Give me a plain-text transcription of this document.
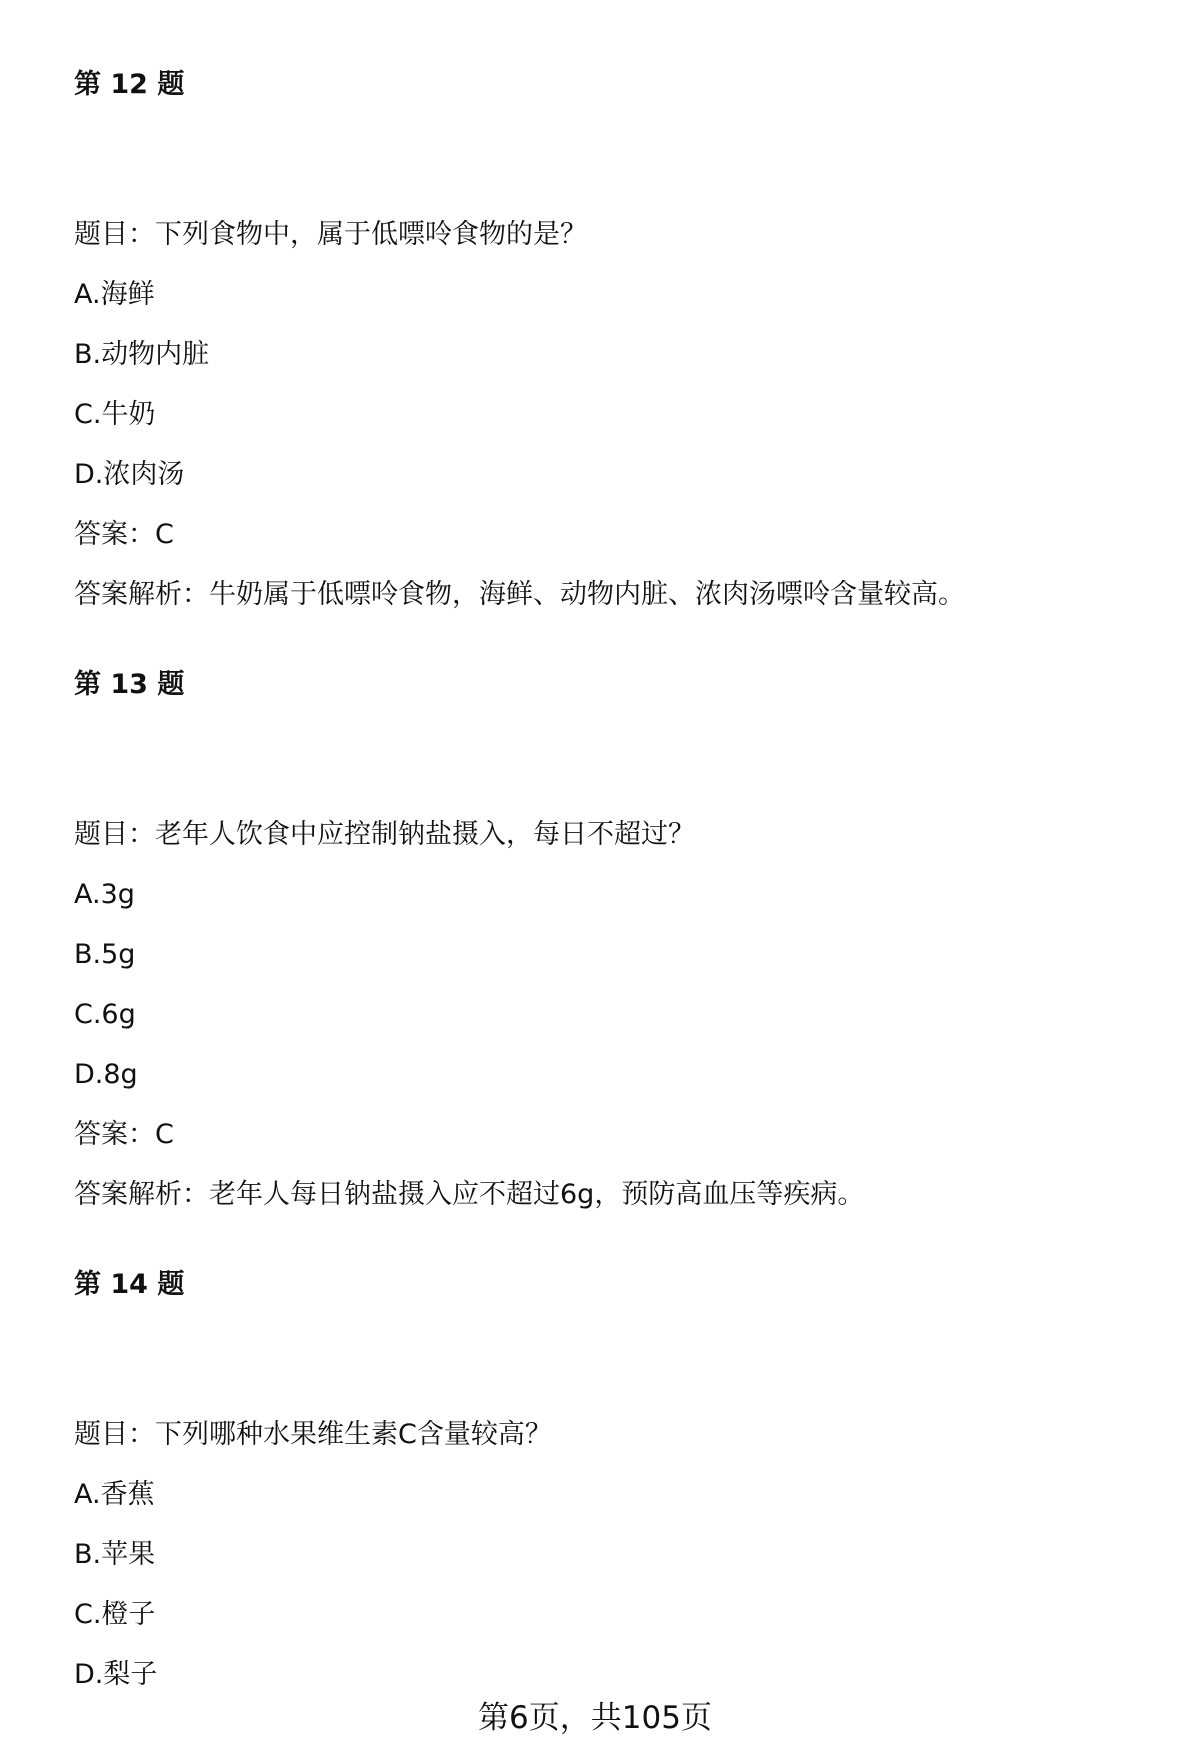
第 12 题
题目：下列食物中，属于低嘌呤食物的是？
A.海鲜
B.动物内脏
C.牛奶
D.浓肉汤
答案：C
答案解析：牛奶属于低嘌呤食物，海鲜、动物内脏、浓肉汤嘌呤含量较高。
第 13 题
题目：老年人饮食中应控制钠盐摄入，每日不超过？
A.3g
B.5g
C.6g
D.8g
答案：C
答案解析：老年人每日钠盐摄入应不超过6g，预防高血压等疾病。
第 14 题
题目：下列哪种水果维生素C含量较高？
A.香蕉
B.苹果
C.橙子
D.梨子
第6页，共105页
